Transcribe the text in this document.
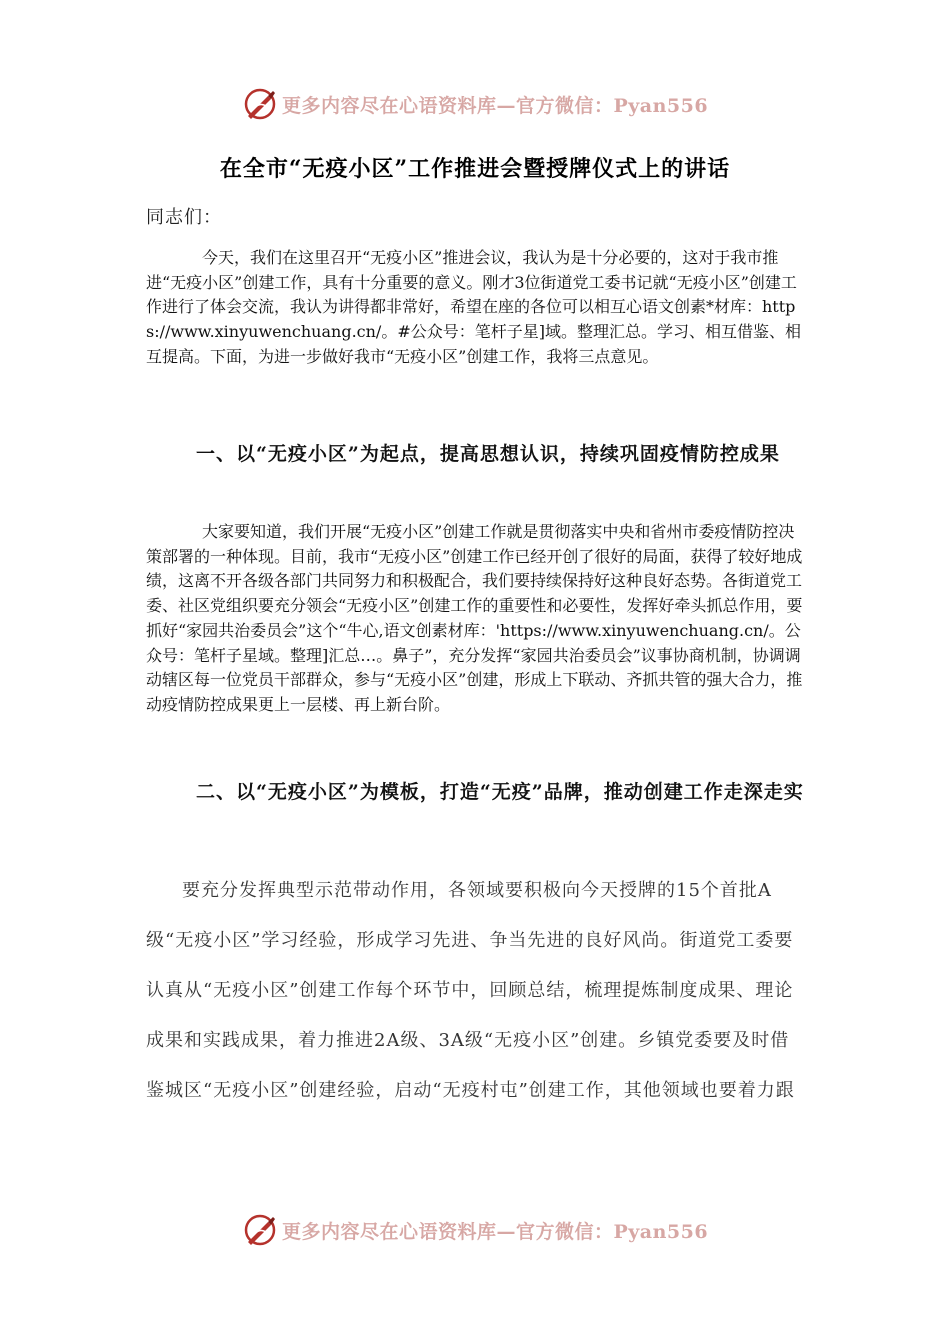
更多内容尽在心语资料库—官方微信：Pyan556
在全市“无疫小区”工作推进会暨授牌仪式上的讲话

同志们：

今天，我们在这里召开“无疫小区”推进会议，我认为是十分必要的，这对于我市推进“无疫小区”创建工作，具有十分重要的意义。刚才3位街道党工委书记就“无疫小区”创建工作进行了体会交流，我认为讲得都非常好，希望在座的各位可以相互心语文创素*材库：https://www.xinyuwenchuang.cn/。#公众号：笔杆子星]域。整理汇总。学习、相互借鉴、相互提高。下面，为进一步做好我市“无疫小区”创建工作，我将三点意见。

一、以“无疫小区”为起点，提高思想认识，持续巩固疫情防控成果

大家要知道，我们开展“无疫小区”创建工作就是贯彻落实中央和省州市委疫情防控决策部署的一种体现。目前，我市“无疫小区”创建工作已经开创了很好的局面，获得了较好地成绩，这离不开各级各部门共同努力和积极配合，我们要持续保持好这种良好态势。各街道党工委、社区党组织要充分领会“无疫小区”创建工作的重要性和必要性，发挥好牵头抓总作用，要抓好“家园共治委员会”这个“牛心,语文创素材库：'https://www.xinyuwenchuang.cn/。公众号：笔杆子星域。整理]汇总…。鼻子”，充分发挥“家园共治委员会”议事协商机制，协调调动辖区每一位党员干部群众，参与“无疫小区”创建，形成上下联动、齐抓共管的强大合力，推动疫情防控成果更上一层楼、再上新台阶。

二、以“无疫小区”为模板，打造“无疫”品牌，推动创建工作走深走实

要充分发挥典型示范带动作用，各领域要积极向今天授牌的15个首批A级“无疫小区”学习经验，形成学习先进、争当先进的良好风尚。街道党工委要认真从“无疫小区”创建工作每个环节中，回顾总结，梳理提炼制度成果、理论成果和实践成果，着力推进2A级、3A级“无疫小区”创建。乡镇党委要及时借鉴城区“无疫小区”创建经验，启动“无疫村屯”创建工作，其他领域也要着力跟

更多内容尽在心语资料库—官方微信：Pyan556
